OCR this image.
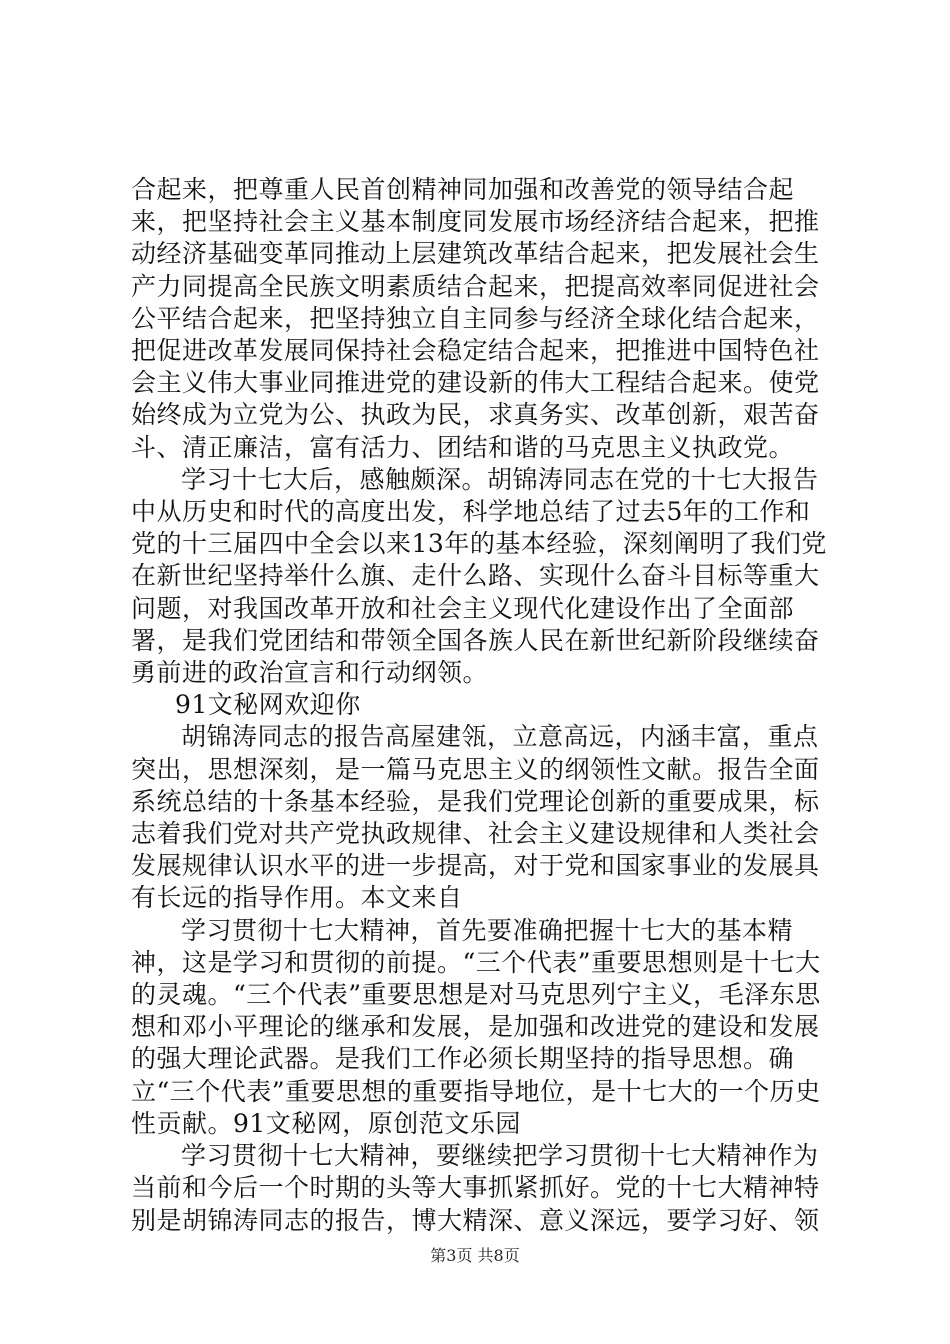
合起来，把尊重人民首创精神同加强和改善党的领导结合起来，把坚持社会主义基本制度同发展市场经济结合起来，把推动经济基础变革同推动上层建筑改革结合起来，把发展社会生产力同提高全民族文明素质结合起来，把提高效率同促进社会公平结合起来，把坚持独立自主同参与经济全球化结合起来，把促进改革发展同保持社会稳定结合起来，把推进中国特色社会主义伟大事业同推进党的建设新的伟大工程结合起来。使党始终成为立党为公、执政为民，求真务实、改革创新，艰苦奋斗、清正廉洁，富有活力、团结和谐的马克思主义执政党。

学习十七大后，感触颇深。胡锦涛同志在党的十七大报告中从历史和时代的高度出发，科学地总结了过去5年的工作和党的十三届四中全会以来13年的基本经验，深刻阐明了我们党在新世纪坚持举什么旗、走什么路、实现什么奋斗目标等重大问题，对我国改革开放和社会主义现代化建设作出了全面部署，是我们党团结和带领全国各族人民在新世纪新阶段继续奋勇前进的政治宣言和行动纲领。

91文秘网欢迎你

胡锦涛同志的报告高屋建瓴，立意高远，内涵丰富，重点突出，思想深刻，是一篇马克思主义的纲领性文献。报告全面系统总结的十条基本经验，是我们党理论创新的重要成果，标志着我们党对共产党执政规律、社会主义建设规律和人类社会发展规律认识水平的进一步提高，对于党和国家事业的发展具有长远的指导作用。本文来自

学习贯彻十七大精神，首先要准确把握十七大的基本精神，这是学习和贯彻的前提。“三个代表”重要思想则是十七大的灵魂。“三个代表”重要思想是对马克思列宁主义，毛泽东思想和邓小平理论的继承和发展，是加强和改进党的建设和发展的强大理论武器。是我们工作必须长期坚持的指导思想。确立“三个代表”重要思想的重要指导地位，是十七大的一个历史性贡献。91文秘网，原创范文乐园

学习贯彻十七大精神，要继续把学习贯彻十七大精神作为当前和今后一个时期的头等大事抓紧抓好。党的十七大精神特别是胡锦涛同志的报告，博大精深、意义深远，要学习好、领

第3页 共8页
